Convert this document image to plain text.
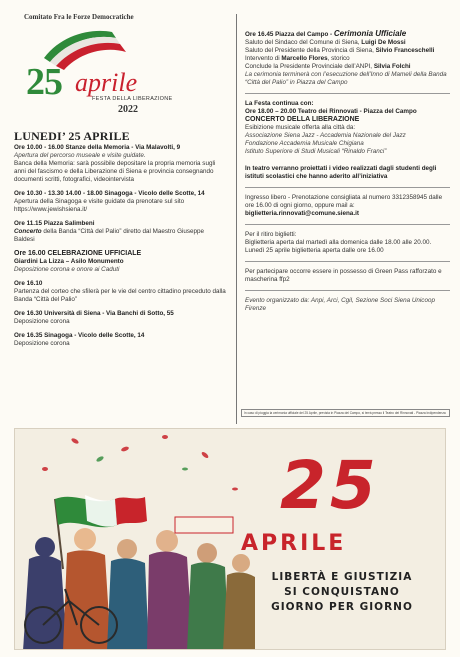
Comitato Fra le Forze Democratiche
25 aprile
FESTA DELLA LIBERAZIONE
2022
LUNEDI’ 25 APRILE
Ore 10.00 - 16.00 Stanze della Memoria - Via Malavolti, 9
Apertura del percorso museale e visite guidate.
Banca della Memoria: sarà possibile depositare la propria memoria sugli anni del fascismo e della Liberazione di Siena e provincia consegnando documenti scritti, fotografici, videointervista
Ore 10.30 - 13.30 14.00 - 18.00 Sinagoga - Vicolo delle Scotte, 14
Apertura della Sinagoga e visite guidate da prenotare sul sito https://www.jewishsiena.it/
Ore 11.15 Piazza Salimbeni
Concerto della Banda “Città del Palio” diretto dal Maestro Giuseppe Baldesi
Ore 16.00 CELEBRAZIONE UFFICIALE
Giardini La Lizza – Asilo Monumento
Deposizione corona e onore ai Caduti
Ore 16.10
Partenza del corteo che sfilerà per le vie del centro cittadino preceduto dalla Banda “Città del Palio”
Ore 16.30 Università di Siena - Via Banchi di Sotto, 55
Deposizione corona
Ore 16.35 Sinagoga - Vicolo delle Scotte, 14
Deposizione corona
Ore 16.45 Piazza del Campo - Cerimonia Ufficiale
Saluto del Sindaco del Comune di Siena, Luigi De Mossi
Saluto del Presidente della Provincia di Siena, Silvio Franceschelli
Intervento di Marcello Flores, storico
Conclude la Presidente Provinciale dell’ANPI, Silvia Folchi
La cerimonia terminerà con l’esecuzione dell’Inno di Mameli della Banda “Città del Palio” in Piazza del Campo
La Festa continua con:
Ore 18.00 – 20.00 Teatro dei Rinnovati - Piazza del Campo
CONCERTO DELLA LIBERAZIONE
Esibizione musicale offerta alla città da:
Associazione Siena Jazz - Accademia Nazionale del Jazz
Fondazione Accademia Musicale Chigiana
Istituto Superiore di Studi Musicali “Rinaldo Franci”
In teatro verranno proiettati i video realizzati dagli studenti degli istituti scolastici che hanno aderito all’iniziativa
Ingresso libero - Prenotazione consigliata al numero 3312358945 dalle ore 16.00 di ogni giorno, oppure mail a:
biglietteria.rinnovati@comune.siena.it
Per il ritiro biglietti:
Biglietteria aperta dal martedì alla domenica dalle 18.00 alle 20.00. Lunedì 25 aprile biglietteria aperta dalle ore 16.00
Per partecipare occorre essere in possesso di Green Pass rafforzato e mascherina ffp2
Evento organizzato da: Anpi, Arci, Cgil, Sezione Soci Siena Unicoop Firenze
In caso di pioggia la cerimonia ufficiale del 25 Aprile, prevista in Piazza del Campo, si terrà presso il Teatro dei Rinnovati - Piazza Indipendenza
25
APRILE
LIBERTÀ E GIUSTIZIA
SI CONQUISTANO
GIORNO PER GIORNO
